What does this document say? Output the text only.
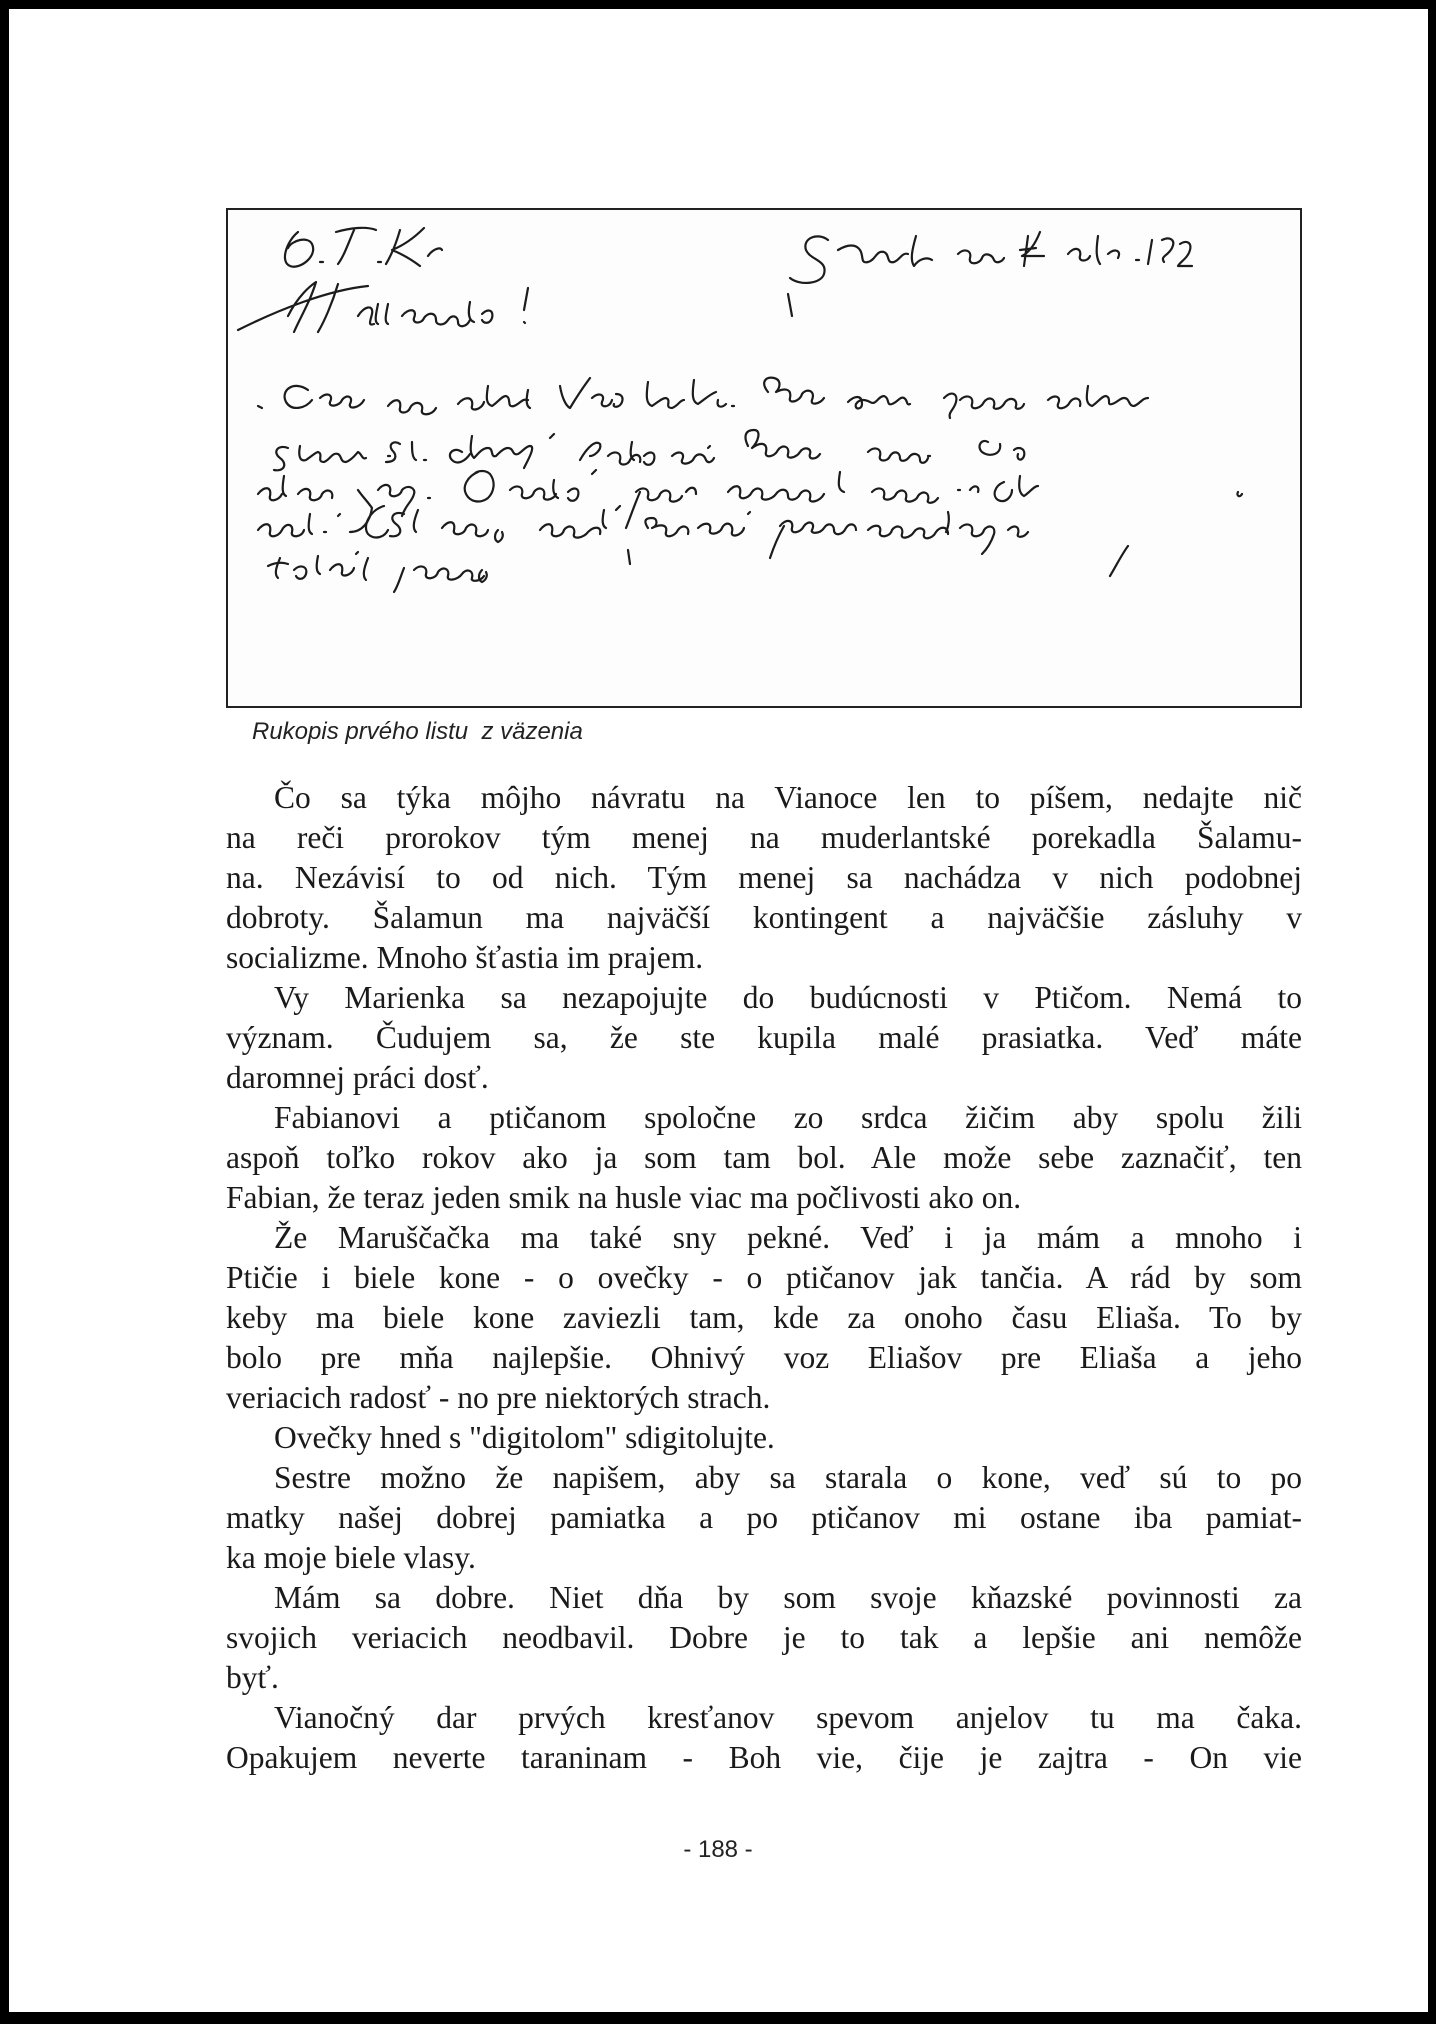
Rukopis prvého listu  z väzenia
Čo sa týka môjho návratu na Vianoce len to píšem, nedajte nič
na reči prorokov tým menej na muderlantské porekadla Šalamu-
na. Nezávisí to od nich. Tým menej sa nachádza v nich podobnej
dobroty. Šalamun ma najväčší kontingent a najväčšie zásluhy v
socializme. Mnoho šťastia im prajem.
Vy Marienka sa nezapojujte do budúcnosti v Ptičom. Nemá to
význam. Čudujem sa, že ste kupila malé prasiatka. Veď máte
daromnej práci dosť.
Fabianovi a ptičanom spoločne zo srdca žičim aby spolu žili
aspoň toľko rokov ako ja som tam bol. Ale može sebe zaznačiť, ten
Fabian, že teraz jeden smik na husle viac ma počlivosti ako on.
Že Maruščačka ma také sny pekné. Veď i ja mám a mnoho i
Ptičie i biele kone - o ovečky - o ptičanov jak tančia. A rád by som
keby ma biele kone zaviezli tam, kde za onoho času Eliaša. To by
bolo pre mňa najlepšie. Ohnivý voz Eliašov pre Eliaša a jeho
veriacich radosť - no pre niektorých strach.
Ovečky hned s "digitolom" sdigitolujte.
Sestre možno že napišem, aby sa starala o kone, veď sú to po
matky našej dobrej pamiatka a po ptičanov mi ostane iba pamiat-
ka moje biele vlasy.
Mám sa dobre. Niet dňa by som svoje kňazské povinnosti za
svojich veriacich neodbavil. Dobre je to tak a lepšie ani nemôže
byť.
Vianočný dar prvých kresťanov spevom anjelov tu ma čaka.
Opakujem neverte taraninam - Boh vie, čije je zajtra - On vie
- 188 -
